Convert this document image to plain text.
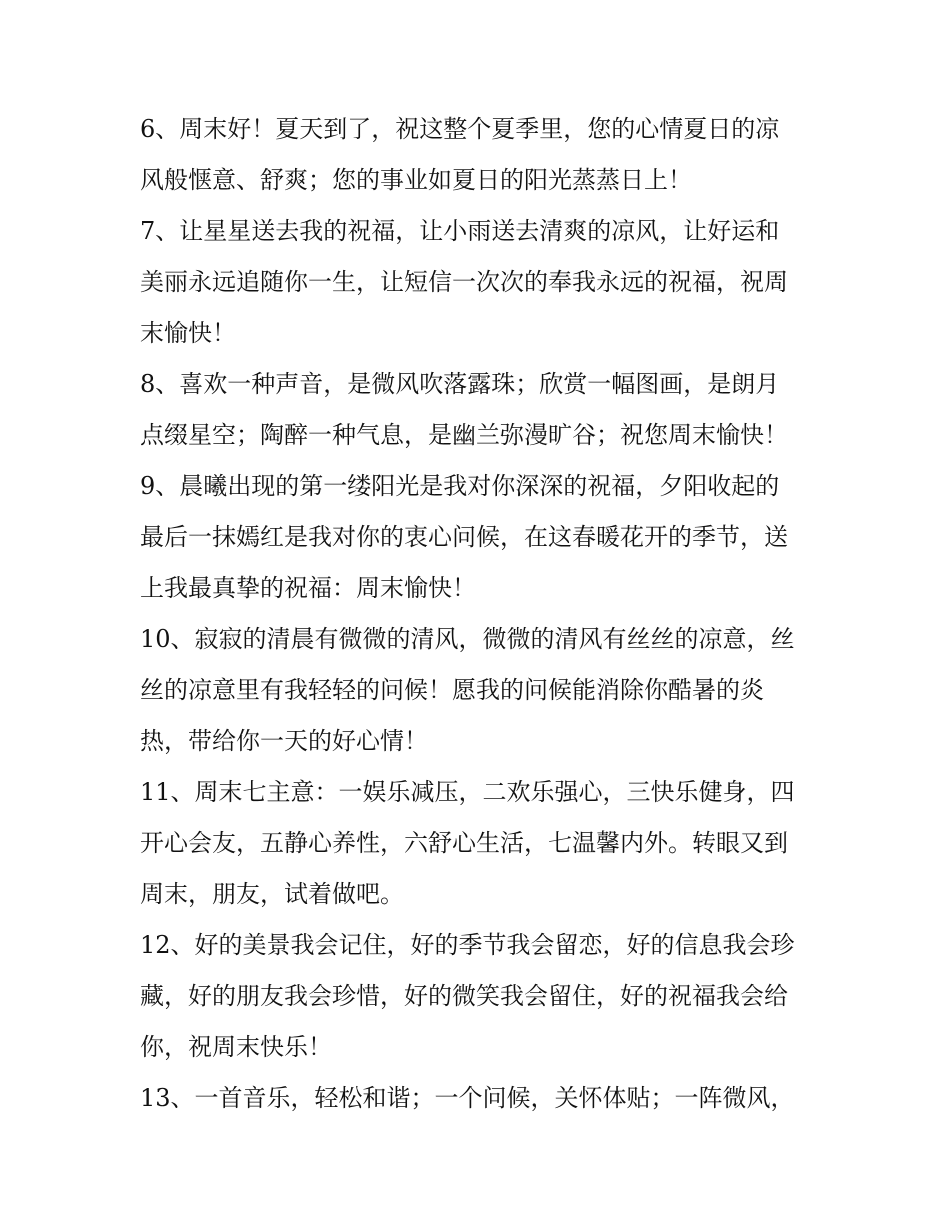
6、周末好！夏天到了，祝这整个夏季里，您的心情夏日的凉
风般惬意、舒爽；您的事业如夏日的阳光蒸蒸日上！

7、让星星送去我的祝福，让小雨送去清爽的凉风，让好运和
美丽永远追随你一生，让短信一次次的奉我永远的祝福，祝周
末愉快！

8、喜欢一种声音，是微风吹落露珠；欣赏一幅图画，是朗月
点缀星空；陶醉一种气息，是幽兰弥漫旷谷；祝您周末愉快！

9、晨曦出现的第一缕阳光是我对你深深的祝福，夕阳收起的
最后一抹嫣红是我对你的衷心问候，在这春暖花开的季节，送
上我最真挚的祝福：周末愉快！

10、寂寂的清晨有微微的清风，微微的清风有丝丝的凉意，丝
丝的凉意里有我轻轻的问候！愿我的问候能消除你酷暑的炎
热，带给你一天的好心情！

11、周末七主意：一娱乐减压，二欢乐强心，三快乐健身，四
开心会友，五静心养性，六舒心生活，七温馨内外。转眼又到
周末，朋友，试着做吧。

12、好的美景我会记住，好的季节我会留恋，好的信息我会珍
藏，好的朋友我会珍惜，好的微笑我会留住，好的祝福我会给
你，祝周末快乐！

13、一首音乐，轻松和谐；一个问候，关怀体贴；一阵微风，
